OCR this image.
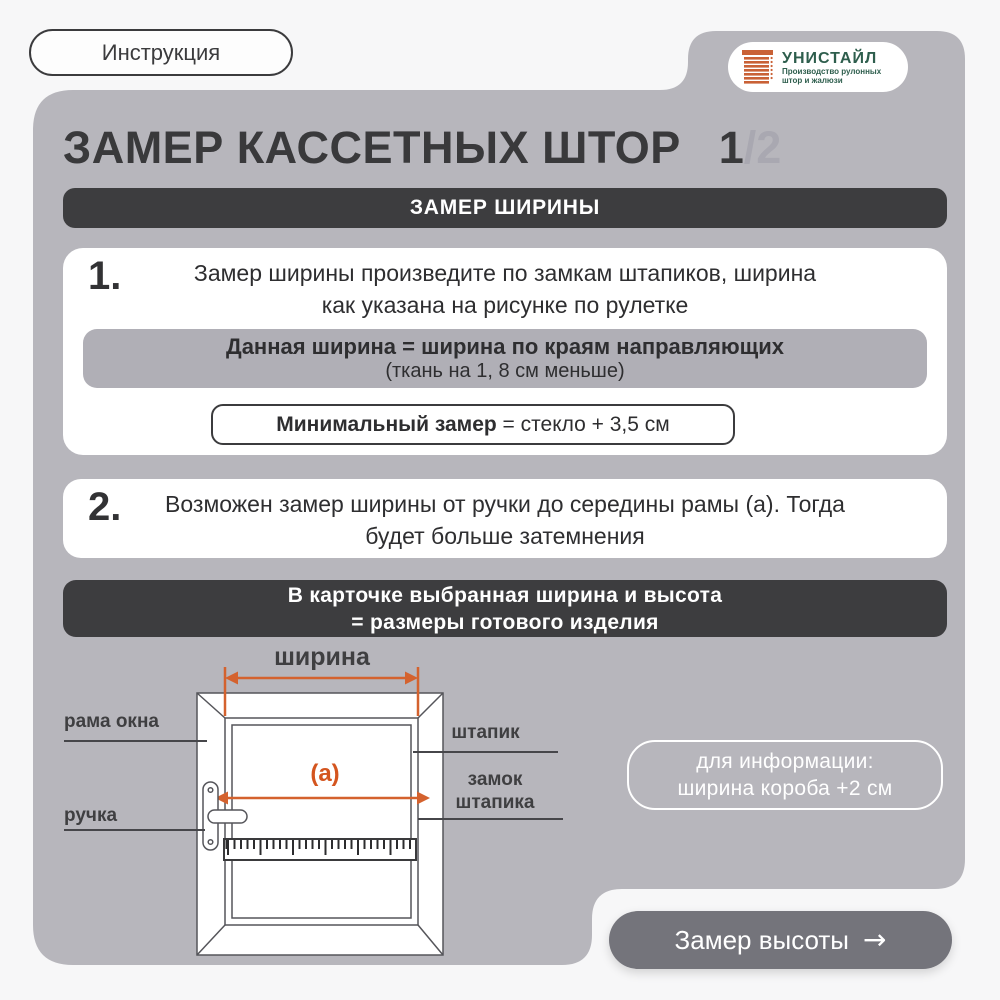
Инструкция	УНИСТАЙЛ
Производство рулонных
штор и жалюзи
ЗАМЕР КАССЕТНЫХ ШТОР 1/2
ЗАМЕР ШИРИНЫ
1.	Замер ширины произведите по замкам штапиков, ширина
как указана на рисунке по рулетке
Данная ширина = ширина по краям направляющих
(ткань на 1, 8 см меньше)
Минимальный замер = стекло + 3,5 см
2.	Возможен замер ширины от ручки до середины рамы (а). Тогда
будет больше затемнения
В карточке выбранная ширина и высота
= размеры готового изделия
ширина
(а)
рама окна
ручка
штапик
замок
штапика
для информации:
ширина короба +2 см
Замер высоты →
